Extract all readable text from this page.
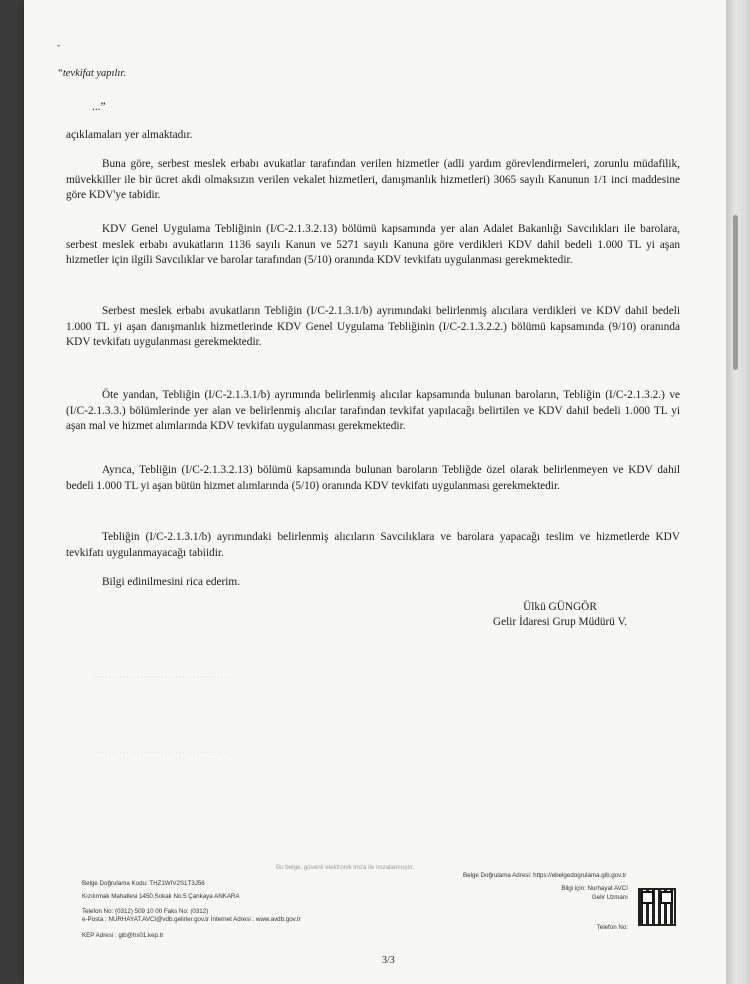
-
“tevkifat yapılır.
...”
açıklamaları yer almaktadır.

Buna göre, serbest meslek erbabı avukatlar tarafından verilen hizmetler (adli yardım görevlendirmeleri, zorunlu müdafilik, müvekkiller ile bir ücret akdi olmaksızın verilen vekalet hizmetleri, danışmanlık hizmetleri) 3065 sayılı Kanunun 1/1 inci maddesine göre KDV'ye tabidir.

KDV Genel Uygulama Tebliğinin (I/C-2.1.3.2.13) bölümü kapsamında yer alan Adalet Bakanlığı Savcılıkları ile barolara, serbest meslek erbabı avukatların 1136 sayılı Kanun ve 5271 sayılı Kanuna göre verdikleri KDV dahil bedeli 1.000 TL yi aşan hizmetler için ilgili Savcılıklar ve barolar tarafından (5/10) oranında KDV tevkifatı uygulanması gerekmektedir.

Serbest meslek erbabı avukatların Tebliğin (I/C-2.1.3.1/b) ayrımındaki belirlenmiş alıcılara verdikleri ve KDV dahil bedeli 1.000 TL yi aşan danışmanlık hizmetlerinde KDV Genel Uygulama Tebliğinin (I/C-2.1.3.2.2.) bölümü kapsamında (9/10) oranında KDV tevkifatı uygulanması gerekmektedir.

Öte yandan, Tebliğin (I/C-2.1.3.1/b) ayrımında belirlenmiş alıcılar kapsamında bulunan baroların, Tebliğin (I/C-2.1.3.2.) ve (I/C-2.1.3.3.) bölümlerinde yer alan ve belirlenmiş alıcılar tarafından tevkifat yapılacağı belirtilen ve KDV dahil bedeli 1.000 TL yi aşan mal ve hizmet alımlarında KDV tevkifatı uygulanması gerekmektedir.

Ayrıca, Tebliğin (I/C-2.1.3.2.13) bölümü kapsamında bulunan baroların Tebliğde özel olarak belirlenmeyen ve KDV dahil bedeli 1.000 TL yi aşan bütün hizmet alımlarında (5/10) oranında KDV tevkifatı uygulanması gerekmektedir.

Tebliğin (I/C-2.1.3.1/b) ayrımındaki belirlenmiş alıcıların Savcılıklara ve barolara yapacağı teslim ve hizmetlerde KDV tevkifatı uygulanmayacağı tabiidir.

Bilgi edinilmesini rica ederim.

Ülkü GÜNGÖR
Gelir İdaresi Grup Müdürü V.
· · · · · · · · · · · · · · · · · · · · · · · · · · · · · · · · · · · · · · ·
· · · · · · · · · · · · · · · · · · · · · · · · · · · · · · · · · · · · · · ·
Bu belge, güvenli elektronik imza ile imzalanmıştır.
Belge Doğrulama Kodu: THZ1WIV2S1T3J56
Kızılırmak Mahallesi 1450.Sokak No:5 Çankaya ANKARA
Telefon No: (0312) 509 10 00 Faks No: (0312)
e-Posta : NURHAYAT.AVCI@vdb.gelirler.gov.tr İnternet Adresi : www.avdb.gov.tr
KEP Adresi : gib@hs01.kep.tr
Belge Doğrulama Adresi: https://ebelgedogrulama.gib.gov.tr
Bilgi için: Nurhayat AVCI
Gelir Uzmanı
Telefon No:
3/3
